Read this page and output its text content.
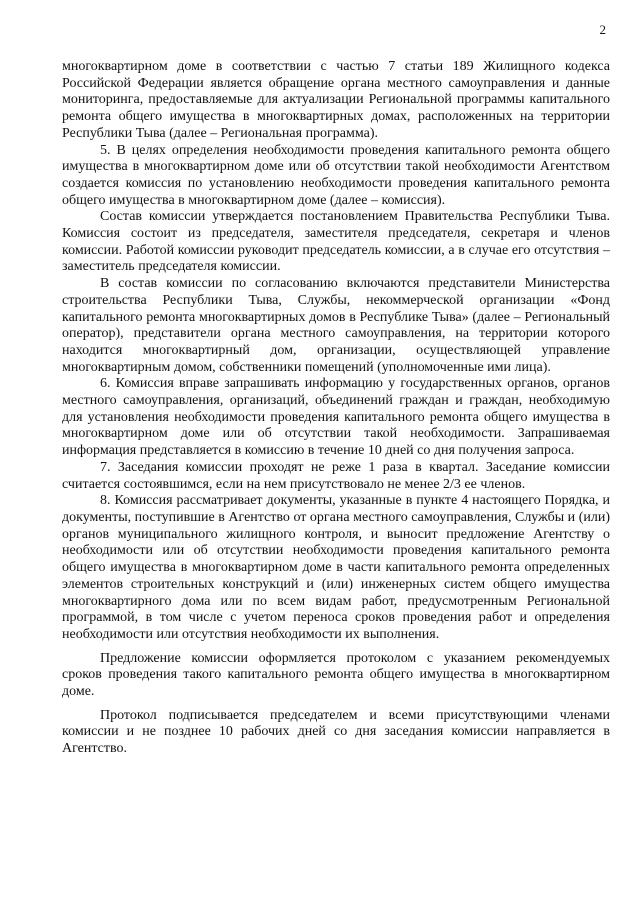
2

многоквартирном доме в соответствии с частью 7 статьи 189 Жилищного кодекса Российской Федерации является обращение органа местного самоуправления и данные мониторинга, предоставляемые для актуализации Региональной программы капитального ремонта общего имущества в многоквартирных домах, расположенных на территории Республики Тыва (далее – Региональная программа).

5. В целях определения необходимости проведения капитального ремонта общего имущества в многоквартирном доме или об отсутствии такой необходимости Агентством создается комиссия по установлению необходимости проведения капитального ремонта общего имущества в многоквартирном доме (далее – комиссия).

Состав комиссии утверждается постановлением Правительства Республики Тыва. Комиссия состоит из председателя, заместителя председателя, секретаря и членов комиссии. Работой комиссии руководит председатель комиссии, а в случае его отсутствия – заместитель председателя комиссии.

В состав комиссии по согласованию включаются представители Министерства строительства Республики Тыва, Службы, некоммерческой организации «Фонд капитального ремонта многоквартирных домов в Республике Тыва» (далее – Региональный оператор), представители органа местного самоуправления, на территории которого находится многоквартирный дом, организации, осуществляющей управление многоквартирным домом, собственники помещений (уполномоченные ими лица).

6. Комиссия вправе запрашивать информацию у государственных органов, органов местного самоуправления, организаций, объединений граждан и граждан, необходимую для установления необходимости проведения капитального ремонта общего имущества в многоквартирном доме или об отсутствии такой необходимости. Запрашиваемая информация представляется в комиссию в течение 10 дней со дня получения запроса.

7. Заседания комиссии проходят не реже 1 раза в квартал. Заседание комиссии считается состоявшимся, если на нем присутствовало не менее 2/3 ее членов.

8. Комиссия рассматривает документы, указанные в пункте 4 настоящего Порядка, и документы, поступившие в Агентство от органа местного самоуправления, Службы и (или) органов муниципального жилищного контроля, и выносит предложение Агентству о необходимости или об отсутствии необходимости проведения капитального ремонта общего имущества в многоквартирном доме в части капитального ремонта определенных элементов строительных конструкций и (или) инженерных систем общего имущества многоквартирного дома или по всем видам работ, предусмотренным Региональной программой, в том числе с учетом переноса сроков проведения работ и определения необходимости или отсутствия необходимости их выполнения.

Предложение комиссии оформляется протоколом с указанием рекомендуемых сроков проведения такого капитального ремонта общего имущества в многоквартирном доме.

Протокол подписывается председателем и всеми присутствующими членами комиссии и не позднее 10 рабочих дней со дня заседания комиссии направляется в Агентство.
